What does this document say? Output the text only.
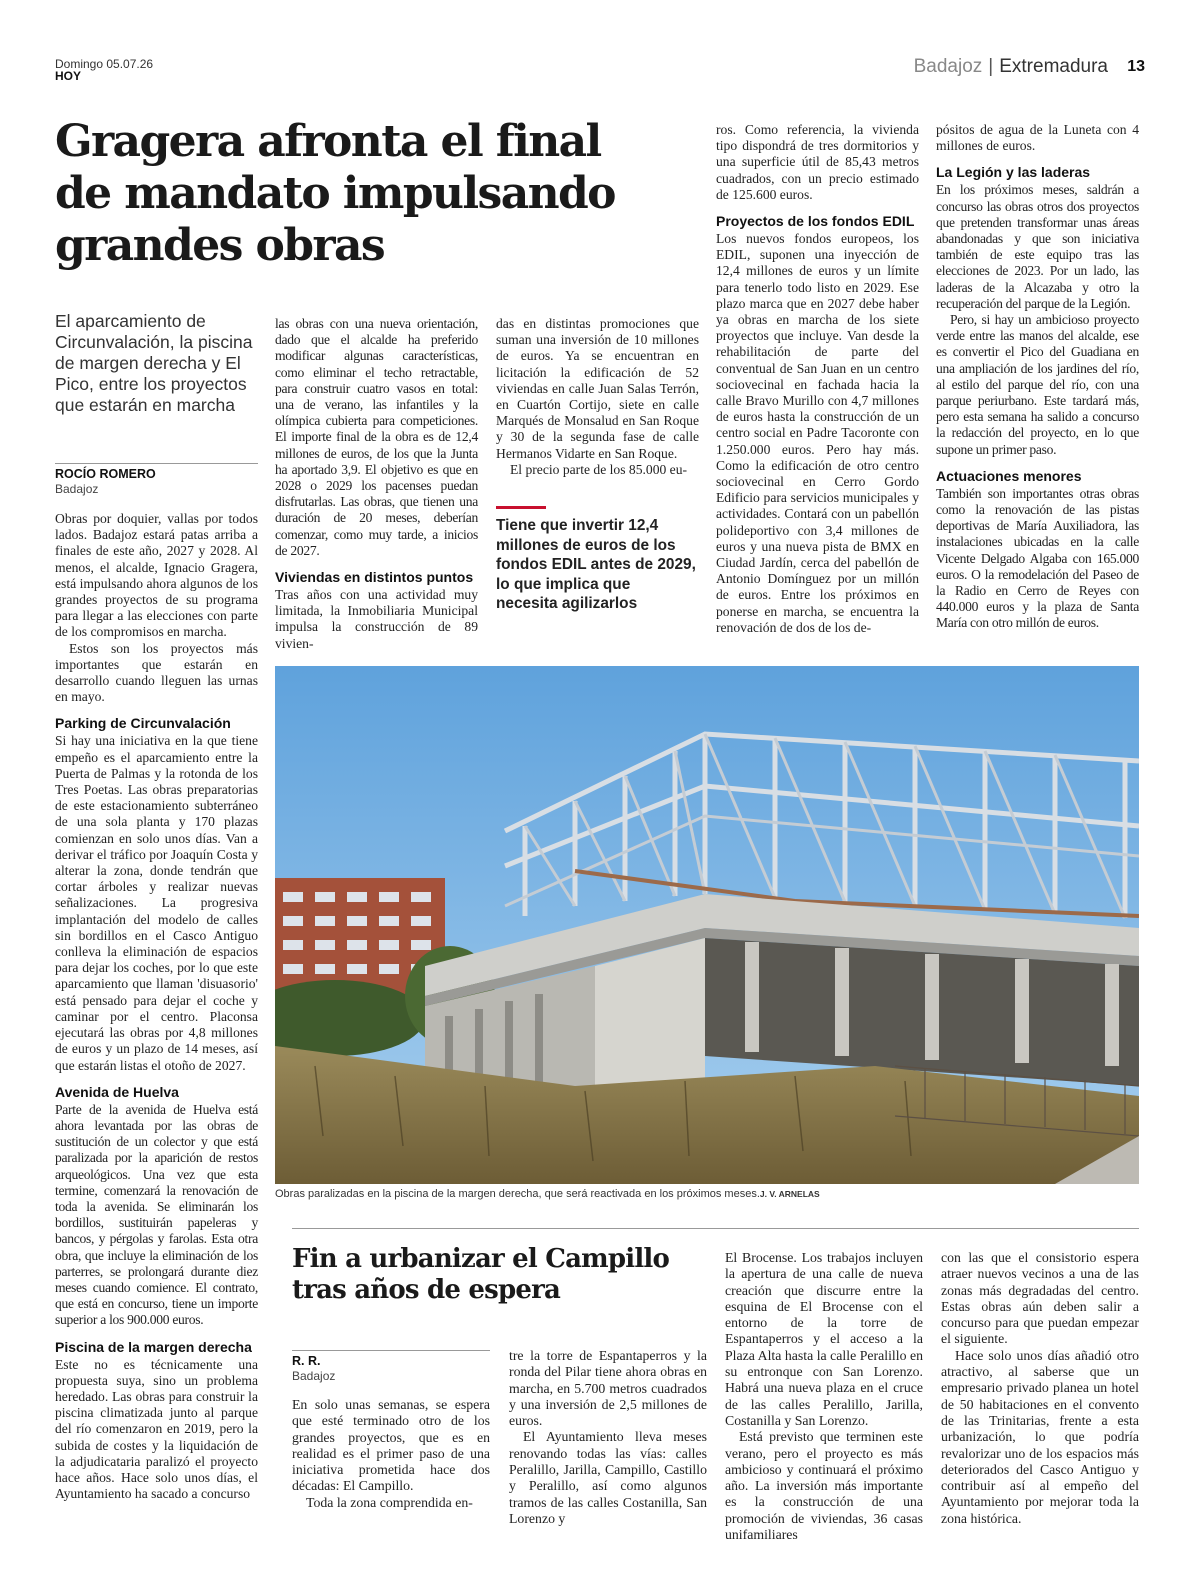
Domingo 05.07.26
HOY	Badajoz | Extremadura 13
Gragera afronta el final de mandato impulsando grandes obras

El aparcamiento de Circunvalación, la piscina de margen derecha y El Pico, entre los proyectos que estarán en marcha

ROCÍO ROMERO
Badajoz

Obras por doquier, vallas por todos lados. Badajoz estará patas arriba a finales de este año, 2027 y 2028. Al menos, el alcalde, Ignacio Gragera, está impulsando ahora algunos de los grandes proyectos de su programa para llegar a las elecciones con parte de los compromisos en marcha.

Estos son los proyectos más importantes que estarán en desarrollo cuando lleguen las urnas en mayo.

Parking de Circunvalación

Si hay una iniciativa en la que tiene empeño es el aparcamiento entre la Puerta de Palmas y la rotonda de los Tres Poetas. Las obras preparatorias de este estacionamiento subterráneo de una sola planta y 170 plazas comienzan en solo unos días. Van a derivar el tráfico por Joaquín Costa y alterar la zona, donde tendrán que cortar árboles y realizar nuevas señalizaciones. La progresiva implantación del modelo de calles sin bordillos en el Casco Antiguo conlleva la eliminación de espacios para dejar los coches, por lo que este aparcamiento que llaman 'disuasorio' está pensado para dejar el coche y caminar por el centro. Placonsa ejecutará las obras por 4,8 millones de euros y un plazo de 14 meses, así que estarán listas el otoño de 2027.

Avenida de Huelva

Parte de la avenida de Huelva está ahora levantada por las obras de sustitución de un colector y que está paralizada por la aparición de restos arqueológicos. Una vez que esta termine, comenzará la renovación de toda la avenida. Se eliminarán los bordillos, sustituirán papeleras y bancos, y pérgolas y farolas. Esta otra obra, que incluye la eliminación de los parterres, se prolongará durante diez meses cuando comience. El contrato, que está en concurso, tiene un importe superior a los 900.000 euros.

Piscina de la margen derecha

Este no es técnicamente una propuesta suya, sino un problema heredado. Las obras para construir la piscina climatizada junto al parque del río comenzaron en 2019, pero la subida de costes y la liquidación de la adjudicataria paralizó el proyecto hace años. Hace solo unos días, el Ayuntamiento ha sacado a concurso

las obras con una nueva orientación, dado que el alcalde ha preferido modificar algunas características, como eliminar el techo retractable, para construir cuatro vasos en total: una de verano, las infantiles y la olímpica cubierta para competiciones. El importe final de la obra es de 12,4 millones de euros, de los que la Junta ha aportado 3,9. El objetivo es que en 2028 o 2029 los pacenses puedan disfrutarlas. Las obras, que tienen una duración de 20 meses, deberían comenzar, como muy tarde, a inicios de 2027.

Viviendas en distintos puntos

Tras años con una actividad muy limitada, la Inmobiliaria Municipal impulsa la construcción de 89 vivien-

das en distintas promociones que suman una inversión de 10 millones de euros. Ya se encuentran en licitación la edificación de 52 viviendas en calle Juan Salas Terrón, en Cuartón Cortijo, siete en calle Marqués de Monsalud en San Roque y 30 de la segunda fase de calle Hermanos Vidarte en San Roque.

El precio parte de los 85.000 eu-

Tiene que invertir 12,4 millones de euros de los fondos EDIL antes de 2029, lo que implica que necesita agilizarlos

ros. Como referencia, la vivienda tipo dispondrá de tres dormitorios y una superficie útil de 85,43 metros cuadrados, con un precio estimado de 125.600 euros.

Proyectos de los fondos EDIL

Los nuevos fondos europeos, los EDIL, suponen una inyección de 12,4 millones de euros y un límite para tenerlo todo listo en 2029. Ese plazo marca que en 2027 debe haber ya obras en marcha de los siete proyectos que incluye. Van desde la rehabilitación de parte del conventual de San Juan en un centro sociovecinal en fachada hacia la calle Bravo Murillo con 4,7 millones de euros hasta la construcción de un centro social en Padre Tacoronte con 1.250.000 euros. Pero hay más. Como la edificación de otro centro sociovecinal en Cerro Gordo Edificio para servicios municipales y actividades. Contará con un pabellón polideportivo con 3,4 millones de euros y una nueva pista de BMX en Ciudad Jardín, cerca del pabellón de Antonio Domínguez por un millón de euros. Entre los próximos en ponerse en marcha, se encuentra la renovación de dos de los de-

pósitos de agua de la Luneta con 4 millones de euros.

La Legión y las laderas

En los próximos meses, saldrán a concurso las obras otros dos proyectos que pretenden transformar unas áreas abandonadas y que son iniciativa también de este equipo tras las elecciones de 2023. Por un lado, las laderas de la Alcazaba y otro la recuperación del parque de la Legión.

Pero, si hay un ambicioso proyecto verde entre las manos del alcalde, ese es convertir el Pico del Guadiana en una ampliación de los jardines del río, al estilo del parque del río, con una parque periurbano. Este tardará más, pero esta semana ha salido a concurso la redacción del proyecto, en lo que supone un primer paso.

Actuaciones menores

También son importantes otras obras como la renovación de las pistas deportivas de María Auxiliadora, las instalaciones ubicadas en la calle Vicente Delgado Algaba con 165.000 euros. O la remodelación del Paseo de la Radio en Cerro de Reyes con 440.000 euros y la plaza de Santa María con otro millón de euros.

Obras paralizadas en la piscina de la margen derecha, que será reactivada en los próximos meses.J. V. ARNELAS
Fin a urbanizar el Campillo tras años de espera
R. R.
Badajoz

En solo unas semanas, se espera que esté terminado otro de los grandes proyectos, que es en realidad es el primer paso de una iniciativa prometida hace dos décadas: El Campillo.

Toda la zona comprendida en-

tre la torre de Espantaperros y la ronda del Pilar tiene ahora obras en marcha, en 5.700 metros cuadrados y una inversión de 2,5 millones de euros.

El Ayuntamiento lleva meses renovando todas las vías: calles Peralillo, Jarilla, Campillo, Castillo y Peralillo, así como algunos tramos de las calles Costanilla, San Lorenzo y

El Brocense. Los trabajos incluyen la apertura de una calle de nueva creación que discurre entre la esquina de El Brocense con el entorno de la torre de Espantaperros y el acceso a la Plaza Alta hasta la calle Peralillo en su entronque con San Lorenzo. Habrá una nueva plaza en el cruce de las calles Peralillo, Jarilla, Costanilla y San Lorenzo.

Está previsto que terminen este verano, pero el proyecto es más ambicioso y continuará el próximo año. La inversión más importante es la construcción de una promoción de viviendas, 36 casas unifamiliares

con las que el consistorio espera atraer nuevos vecinos a una de las zonas más degradadas del centro. Estas obras aún deben salir a concurso para que puedan empezar el siguiente.

Hace solo unos días añadió otro atractivo, al saberse que un empresario privado planea un hotel de 50 habitaciones en el convento de las Trinitarias, frente a esta urbanización, lo que podría revalorizar uno de los espacios más deteriorados del Casco Antiguo y contribuir así al empeño del Ayuntamiento por mejorar toda la zona histórica.
